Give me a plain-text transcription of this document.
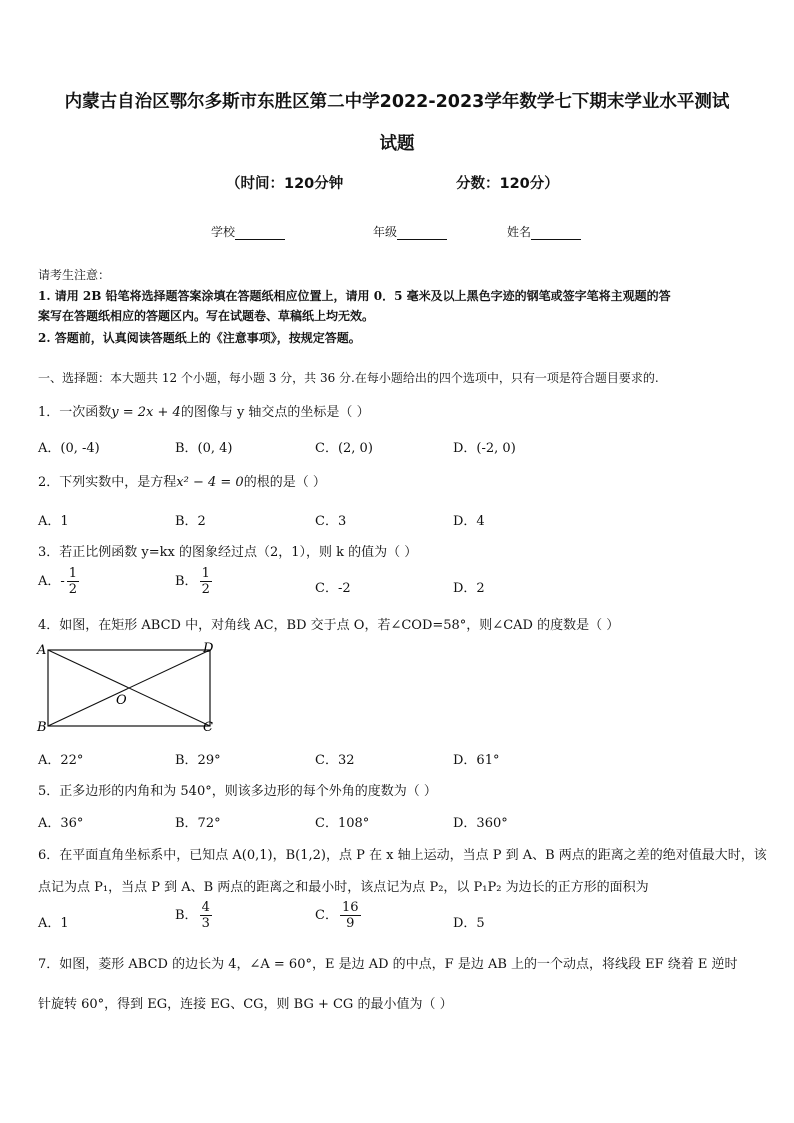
内蒙古自治区鄂尔多斯市东胜区第二中学2022-2023学年数学七下期末学业水平测试
试题
（时间：120分钟	分数：120分）
学校	年级	姓名
请考生注意：
1. 请用 2B 铅笔将选择题答案涂填在答题纸相应位置上，请用 0．5 毫米及以上黑色字迹的钢笔或签字笔将主观题的答
案写在答题纸相应的答题区内。写在试题卷、草稿纸上均无效。
2. 答题前，认真阅读答题纸上的《注意事项》，按规定答题。
一、选择题：本大题共 12 个小题，每小题 3 分，共 36 分.在每小题给出的四个选项中，只有一项是符合题目要求的.
1．一次函数y = 2x + 4的图像与 y 轴交点的坐标是（ ）
A．(0, -4)	B．(0, 4)	C．(2, 0)	D．(-2, 0)
2．下列实数中，是方程x² − 4 = 0的根的是（ ）
A．1	B．2	C．3	D．4
3．若正比例函数 y=kx 的图象经过点（2，1），则 k 的值为（ ）
A．- $\frac{1}{2}$	B． $\frac{1}{2}$	C．-2	D．2
4．如图，在矩形 ABCD 中，对角线 AC，BD 交于点 O，若∠COD=58°，则∠CAD 的度数是（ ）
A	D
B	C
O
A．22°	B．29°	C．32	D．61°
5．正多边形的内角和为 540°，则该多边形的每个外角的度数为（ ）
A．36°	B．72°	C．108°	D．360°
6．在平面直角坐标系中，已知点 A(0,1)，B(1,2)，点 P 在 x 轴上运动，当点 P 到 A、B 两点的距离之差的绝对值最大时，该
点记为点 P₁，当点 P 到 A、B 两点的距离之和最小时，该点记为点 P₂，以 P₁P₂ 为边长的正方形的面积为
A．1
B． $\frac{4}{3}$	C． $\frac{16}{9}$	D．5
7．如图，菱形 ABCD 的边长为 4，∠A = 60°，E 是边 AD 的中点，F 是边 AB 上的一个动点，将线段 EF 绕着 E 逆时
针旋转 60°，得到 EG，连接 EG、CG，则 BG + CG 的最小值为（ ）
